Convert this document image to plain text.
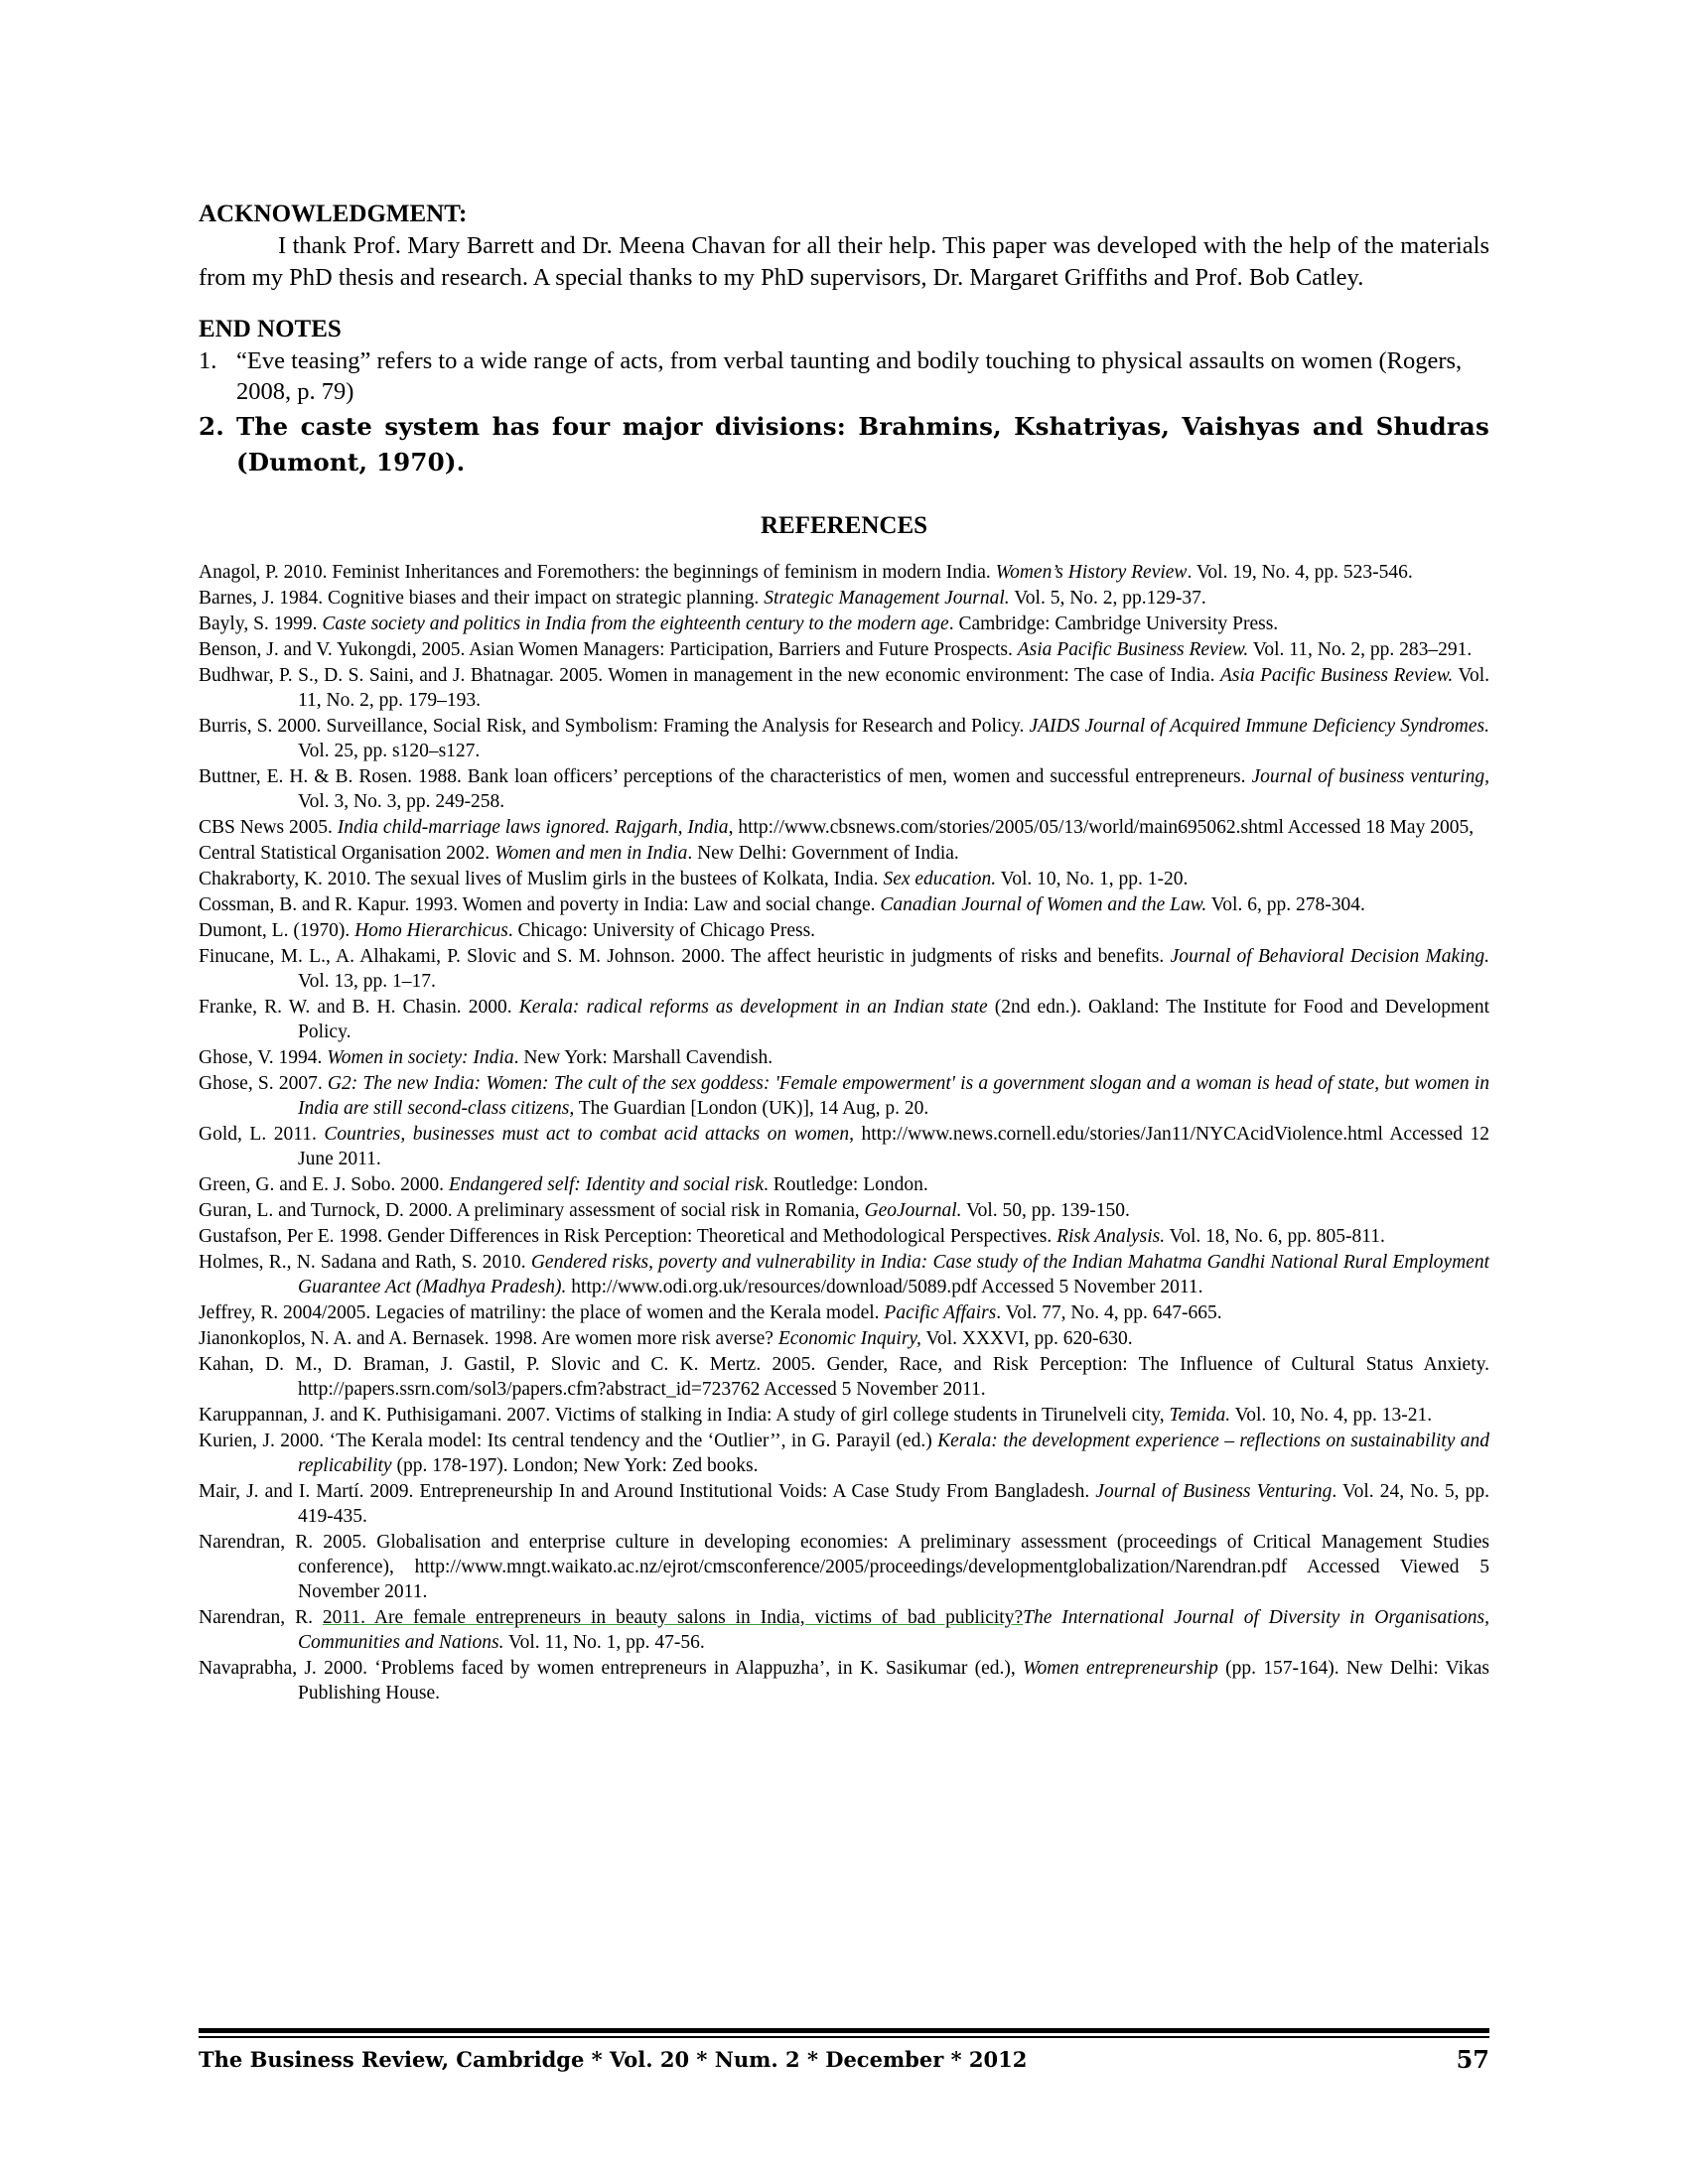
ACKNOWLEDGMENT:

I thank Prof. Mary Barrett and Dr. Meena Chavan for all their help. This paper was developed with the help of the materials from my PhD thesis and research. A special thanks to my PhD supervisors, Dr. Margaret Griffiths and Prof. Bob Catley.

END NOTES

1. “Eve teasing” refers to a wide range of acts, from verbal taunting and bodily touching to physical assaults on women (Rogers, 2008, p. 79)
2. The caste system has four major divisions: Brahmins, Kshatriyas, Vaishyas and Shudras (Dumont, 1970).

REFERENCES

Anagol, P. 2010. Feminist Inheritances and Foremothers: the beginnings of feminism in modern India. Women’s History Review. Vol. 19, No. 4, pp. 523-546.
Barnes, J. 1984. Cognitive biases and their impact on strategic planning. Strategic Management Journal. Vol. 5, No. 2, pp.129-37.
Bayly, S. 1999. Caste society and politics in India from the eighteenth century to the modern age. Cambridge: Cambridge University Press.
Benson, J. and V. Yukongdi, 2005. Asian Women Managers: Participation, Barriers and Future Prospects. Asia Pacific Business Review. Vol. 11, No. 2, pp. 283–291.
Budhwar, P. S., D. S. Saini, and J. Bhatnagar. 2005. Women in management in the new economic environment: The case of India. Asia Pacific Business Review. Vol. 11, No. 2, pp. 179–193.
Burris, S. 2000. Surveillance, Social Risk, and Symbolism: Framing the Analysis for Research and Policy. JAIDS Journal of Acquired Immune Deficiency Syndromes. Vol. 25, pp. s120–s127.
Buttner, E. H. & B. Rosen. 1988. Bank loan officers’ perceptions of the characteristics of men, women and successful entrepreneurs. Journal of business venturing, Vol. 3, No. 3, pp. 249-258.
CBS News 2005. India child-marriage laws ignored. Rajgarh, India, http://www.cbsnews.com/stories/2005/05/13/world/main695062.shtml Accessed 18 May 2005,
Central Statistical Organisation 2002. Women and men in India. New Delhi: Government of India.
Chakraborty, K. 2010. The sexual lives of Muslim girls in the bustees of Kolkata, India. Sex education. Vol. 10, No. 1, pp. 1-20.
Cossman, B. and R. Kapur. 1993. Women and poverty in India: Law and social change. Canadian Journal of Women and the Law. Vol. 6, pp. 278-304.
Dumont, L. (1970). Homo Hierarchicus. Chicago: University of Chicago Press.
Finucane, M. L., A. Alhakami, P. Slovic and S. M. Johnson. 2000. The affect heuristic in judgments of risks and benefits. Journal of Behavioral Decision Making. Vol. 13, pp. 1–17.
Franke, R. W. and B. H. Chasin. 2000. Kerala: radical reforms as development in an Indian state (2nd edn.). Oakland: The Institute for Food and Development Policy.
Ghose, V. 1994. Women in society: India. New York: Marshall Cavendish.
Ghose, S. 2007. G2: The new India: Women: The cult of the sex goddess: 'Female empowerment' is a government slogan and a woman is head of state, but women in India are still second-class citizens, The Guardian [London (UK)], 14 Aug, p. 20.
Gold, L. 2011. Countries, businesses must act to combat acid attacks on women, http://www.news.cornell.edu/stories/Jan11/NYCAcidViolence.html Accessed 12 June 2011.
Green, G. and E. J. Sobo. 2000. Endangered self: Identity and social risk. Routledge: London.
Guran, L. and Turnock, D. 2000. A preliminary assessment of social risk in Romania, GeoJournal. Vol. 50, pp. 139-150.
Gustafson, Per E. 1998. Gender Differences in Risk Perception: Theoretical and Methodological Perspectives. Risk Analysis. Vol. 18, No. 6, pp. 805-811.
Holmes, R., N. Sadana and Rath, S. 2010. Gendered risks, poverty and vulnerability in India: Case study of the Indian Mahatma Gandhi National Rural Employment Guarantee Act (Madhya Pradesh). http://www.odi.org.uk/resources/download/5089.pdf Accessed 5 November 2011.
Jeffrey, R. 2004/2005. Legacies of matriliny: the place of women and the Kerala model. Pacific Affairs. Vol. 77, No. 4, pp. 647-665.
Jianonkoplos, N. A. and A. Bernasek. 1998. Are women more risk averse? Economic Inquiry, Vol. XXXVI, pp. 620-630.
Kahan, D. M., D. Braman, J. Gastil, P. Slovic and C. K. Mertz. 2005. Gender, Race, and Risk Perception: The Influence of Cultural Status Anxiety. http://papers.ssrn.com/sol3/papers.cfm?abstract_id=723762 Accessed 5 November 2011.
Karuppannan, J. and K. Puthisigamani. 2007. Victims of stalking in India: A study of girl college students in Tirunelveli city, Temida. Vol. 10, No. 4, pp. 13-21.
Kurien, J. 2000. ‘The Kerala model: Its central tendency and the ‘Outlier’’, in G. Parayil (ed.) Kerala: the development experience – reflections on sustainability and replicability (pp. 178-197). London; New York: Zed books.
Mair, J. and I. Martí. 2009. Entrepreneurship In and Around Institutional Voids: A Case Study From Bangladesh. Journal of Business Venturing. Vol. 24, No. 5, pp. 419-435.
Narendran, R. 2005. Globalisation and enterprise culture in developing economies: A preliminary assessment (proceedings of Critical Management Studies conference), http://www.mngt.waikato.ac.nz/ejrot/cmsconference/2005/proceedings/developmentglobalization/Narendran.pdf Accessed Viewed 5 November 2011.
Narendran, R. 2011. Are female entrepreneurs in beauty salons in India, victims of bad publicity?The International Journal of Diversity in Organisations, Communities and Nations. Vol. 11, No. 1, pp. 47-56.
Navaprabha, J. 2000. ‘Problems faced by women entrepreneurs in Alappuzha’, in K. Sasikumar (ed.), Women entrepreneurship (pp. 157-164). New Delhi: Vikas Publishing House.
The Business Review, Cambridge * Vol. 20 * Num. 2 * December * 2012	57
